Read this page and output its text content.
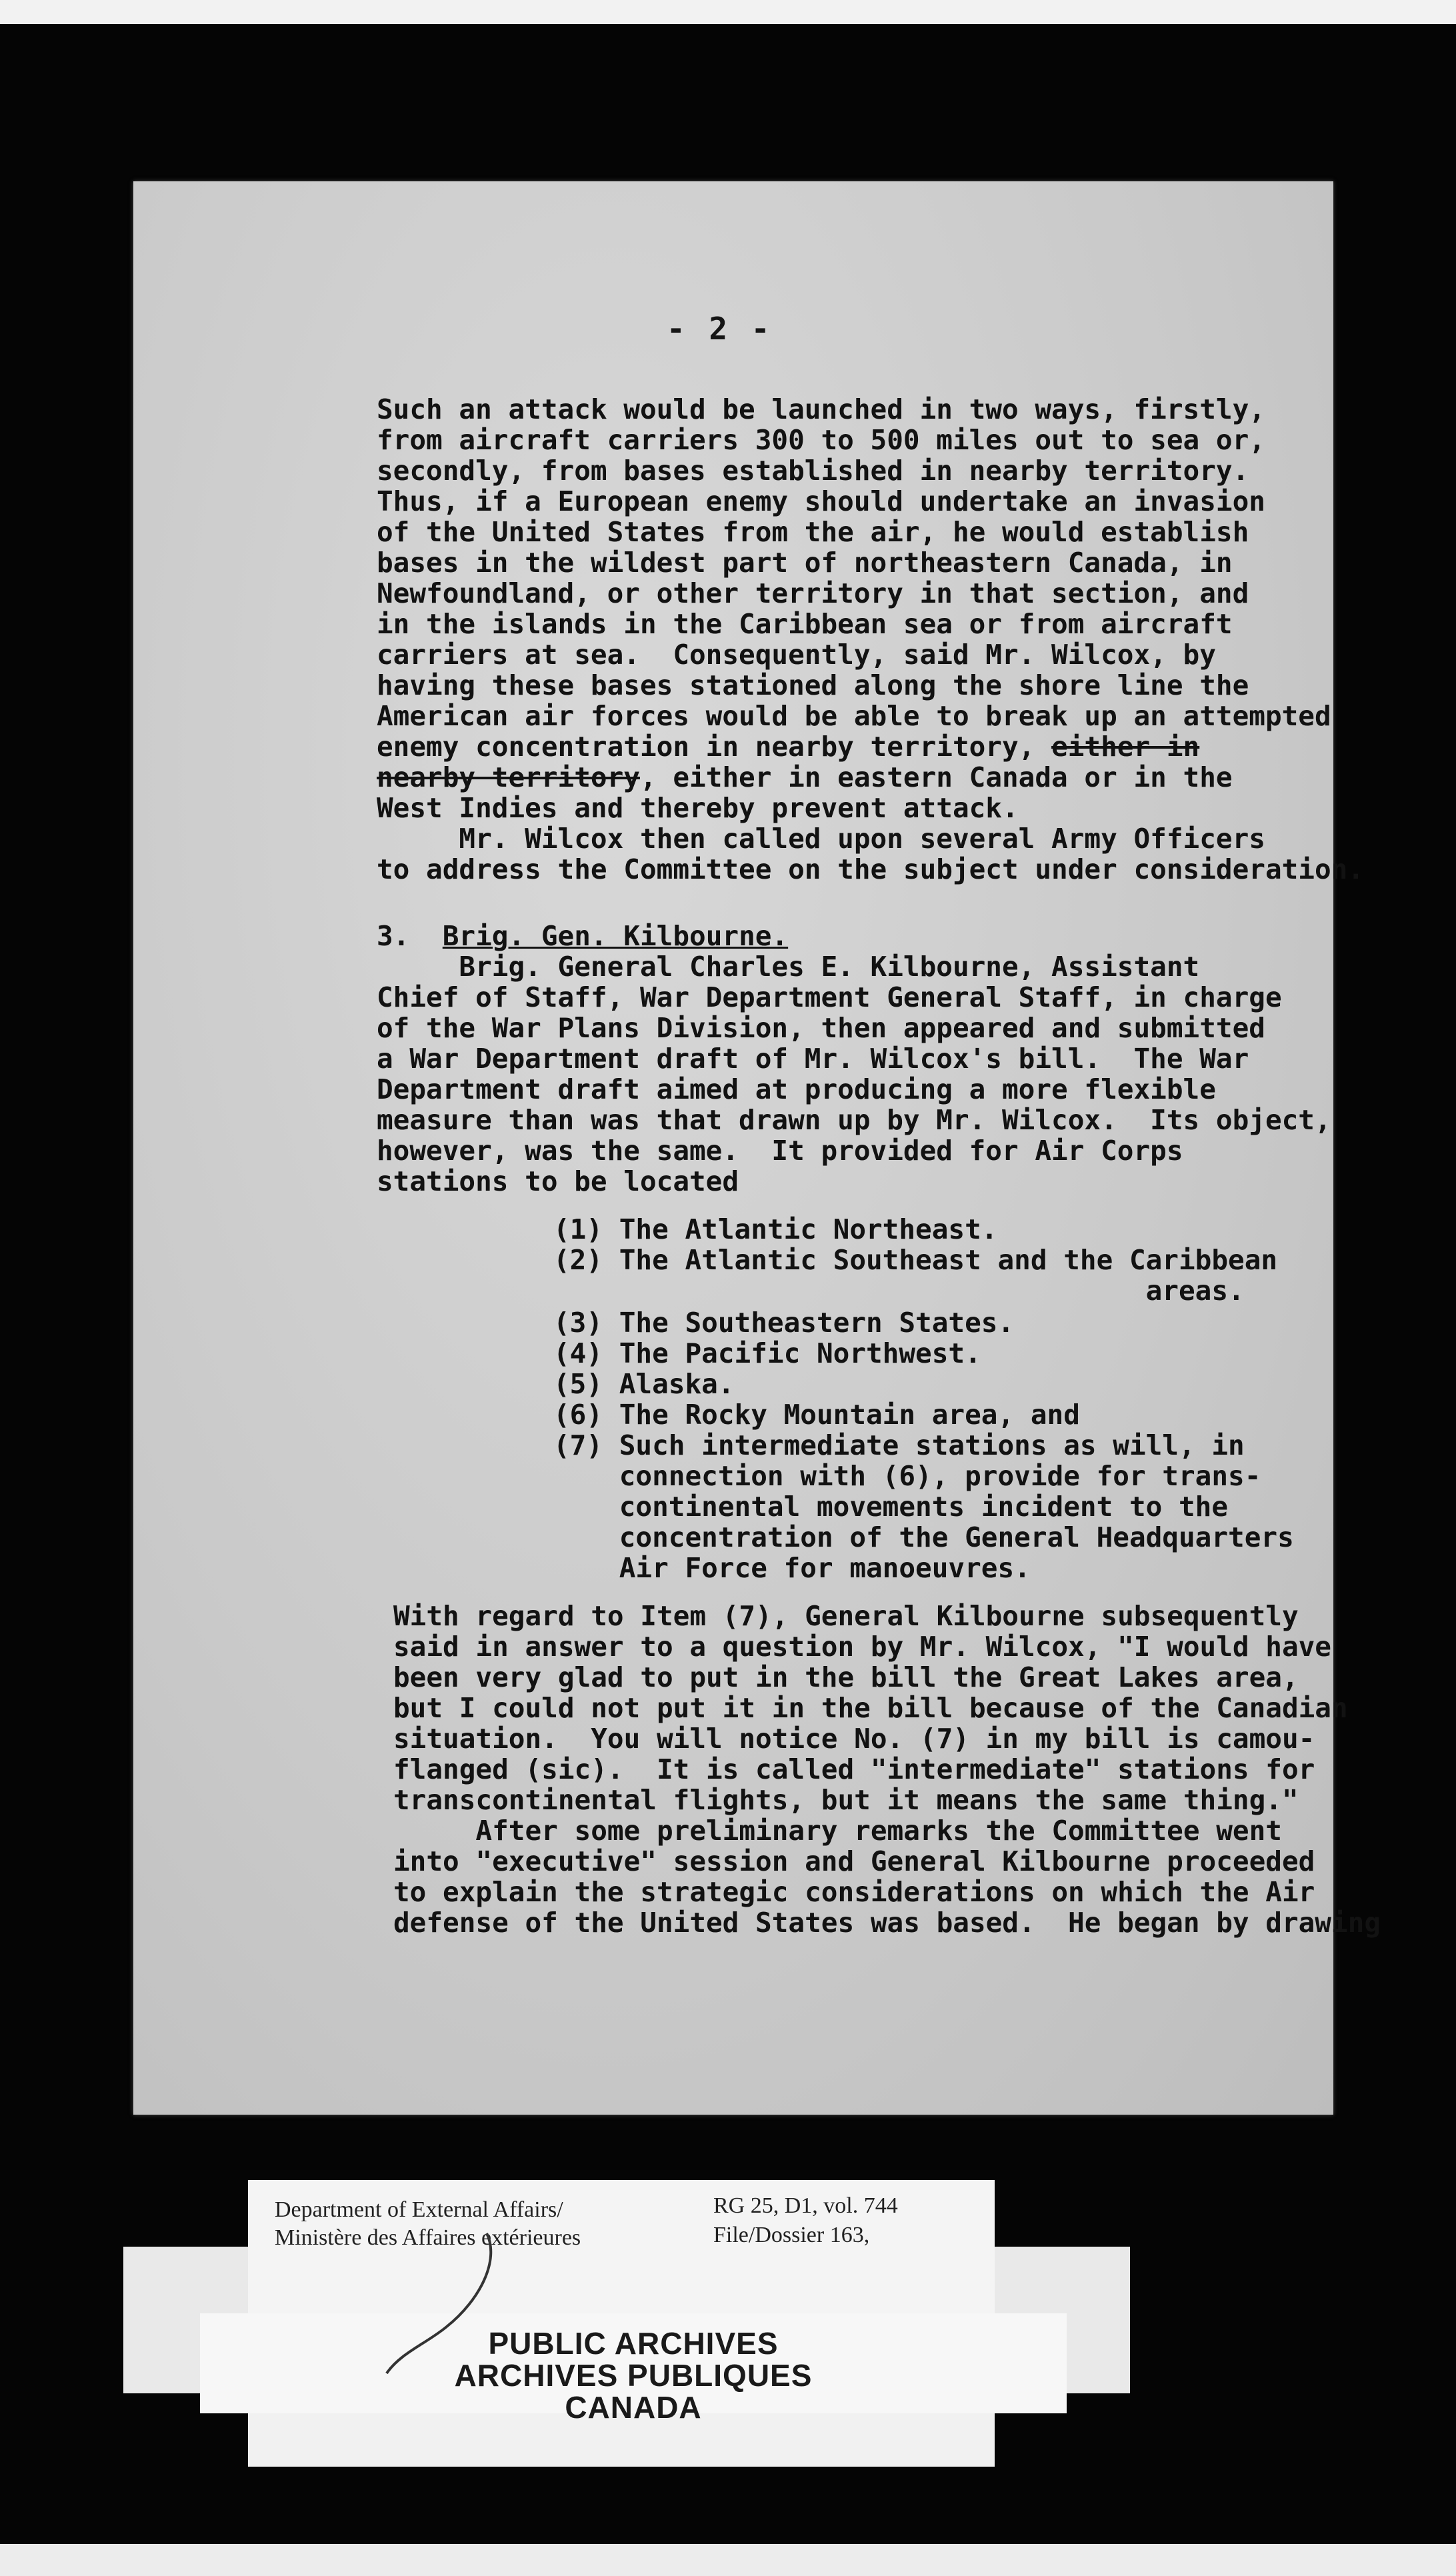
- 2 -
Such an attack would be launched in two ways, firstly,
from aircraft carriers 300 to 500 miles out to sea or,
secondly, from bases established in nearby territory.
Thus, if a European enemy should undertake an invasion
of the United States from the air, he would establish
bases in the wildest part of northeastern Canada, in
Newfoundland, or other territory in that section, and
in the islands in the Caribbean sea or from aircraft
carriers at sea.  Consequently, said Mr. Wilcox, by
having these bases stationed along the shore line the
American air forces would be able to break up an attempted
enemy concentration in nearby territory, either in
nearby territory, either in eastern Canada or in the
West Indies and thereby prevent attack.
Mr. Wilcox then called upon several Army Officers
to address the Committee on the subject under consideration.
3. Brig. Gen. Kilbourne.
Brig. General Charles E. Kilbourne, Assistant
Chief of Staff, War Department General Staff, in charge
of the War Plans Division, then appeared and submitted
a War Department draft of Mr. Wilcox's bill.  The War
Department draft aimed at producing a more flexible
measure than was that drawn up by Mr. Wilcox.  Its object,
however, was the same.  It provided for Air Corps
stations to be located
(1) The Atlantic Northeast.
(2) The Atlantic Southeast and the Caribbean
areas.
(3) The Southeastern States.
(4) The Pacific Northwest.
(5) Alaska.
(6) The Rocky Mountain area, and
(7) Such intermediate stations as will, in
connection with (6), provide for trans-
continental movements incident to the
concentration of the General Headquarters
Air Force for manoeuvres.
With regard to Item (7), General Kilbourne subsequently
said in answer to a question by Mr. Wilcox, "I would have
been very glad to put in the bill the Great Lakes area,
but I could not put it in the bill because of the Canadian
situation.  You will notice No. (7) in my bill is camou-
flanged (sic).  It is called "intermediate" stations for
transcontinental flights, but it means the same thing."
After some preliminary remarks the Committee went
into "executive" session and General Kilbourne proceeded
to explain the strategic considerations on which the Air
defense of the United States was based.  He began by drawing
Department of External Affairs/
Ministère des Affaires extérieures
RG 25, D1, vol. 744
File/Dossier 163,
PUBLIC ARCHIVES
ARCHIVES PUBLIQUES
CANADA
